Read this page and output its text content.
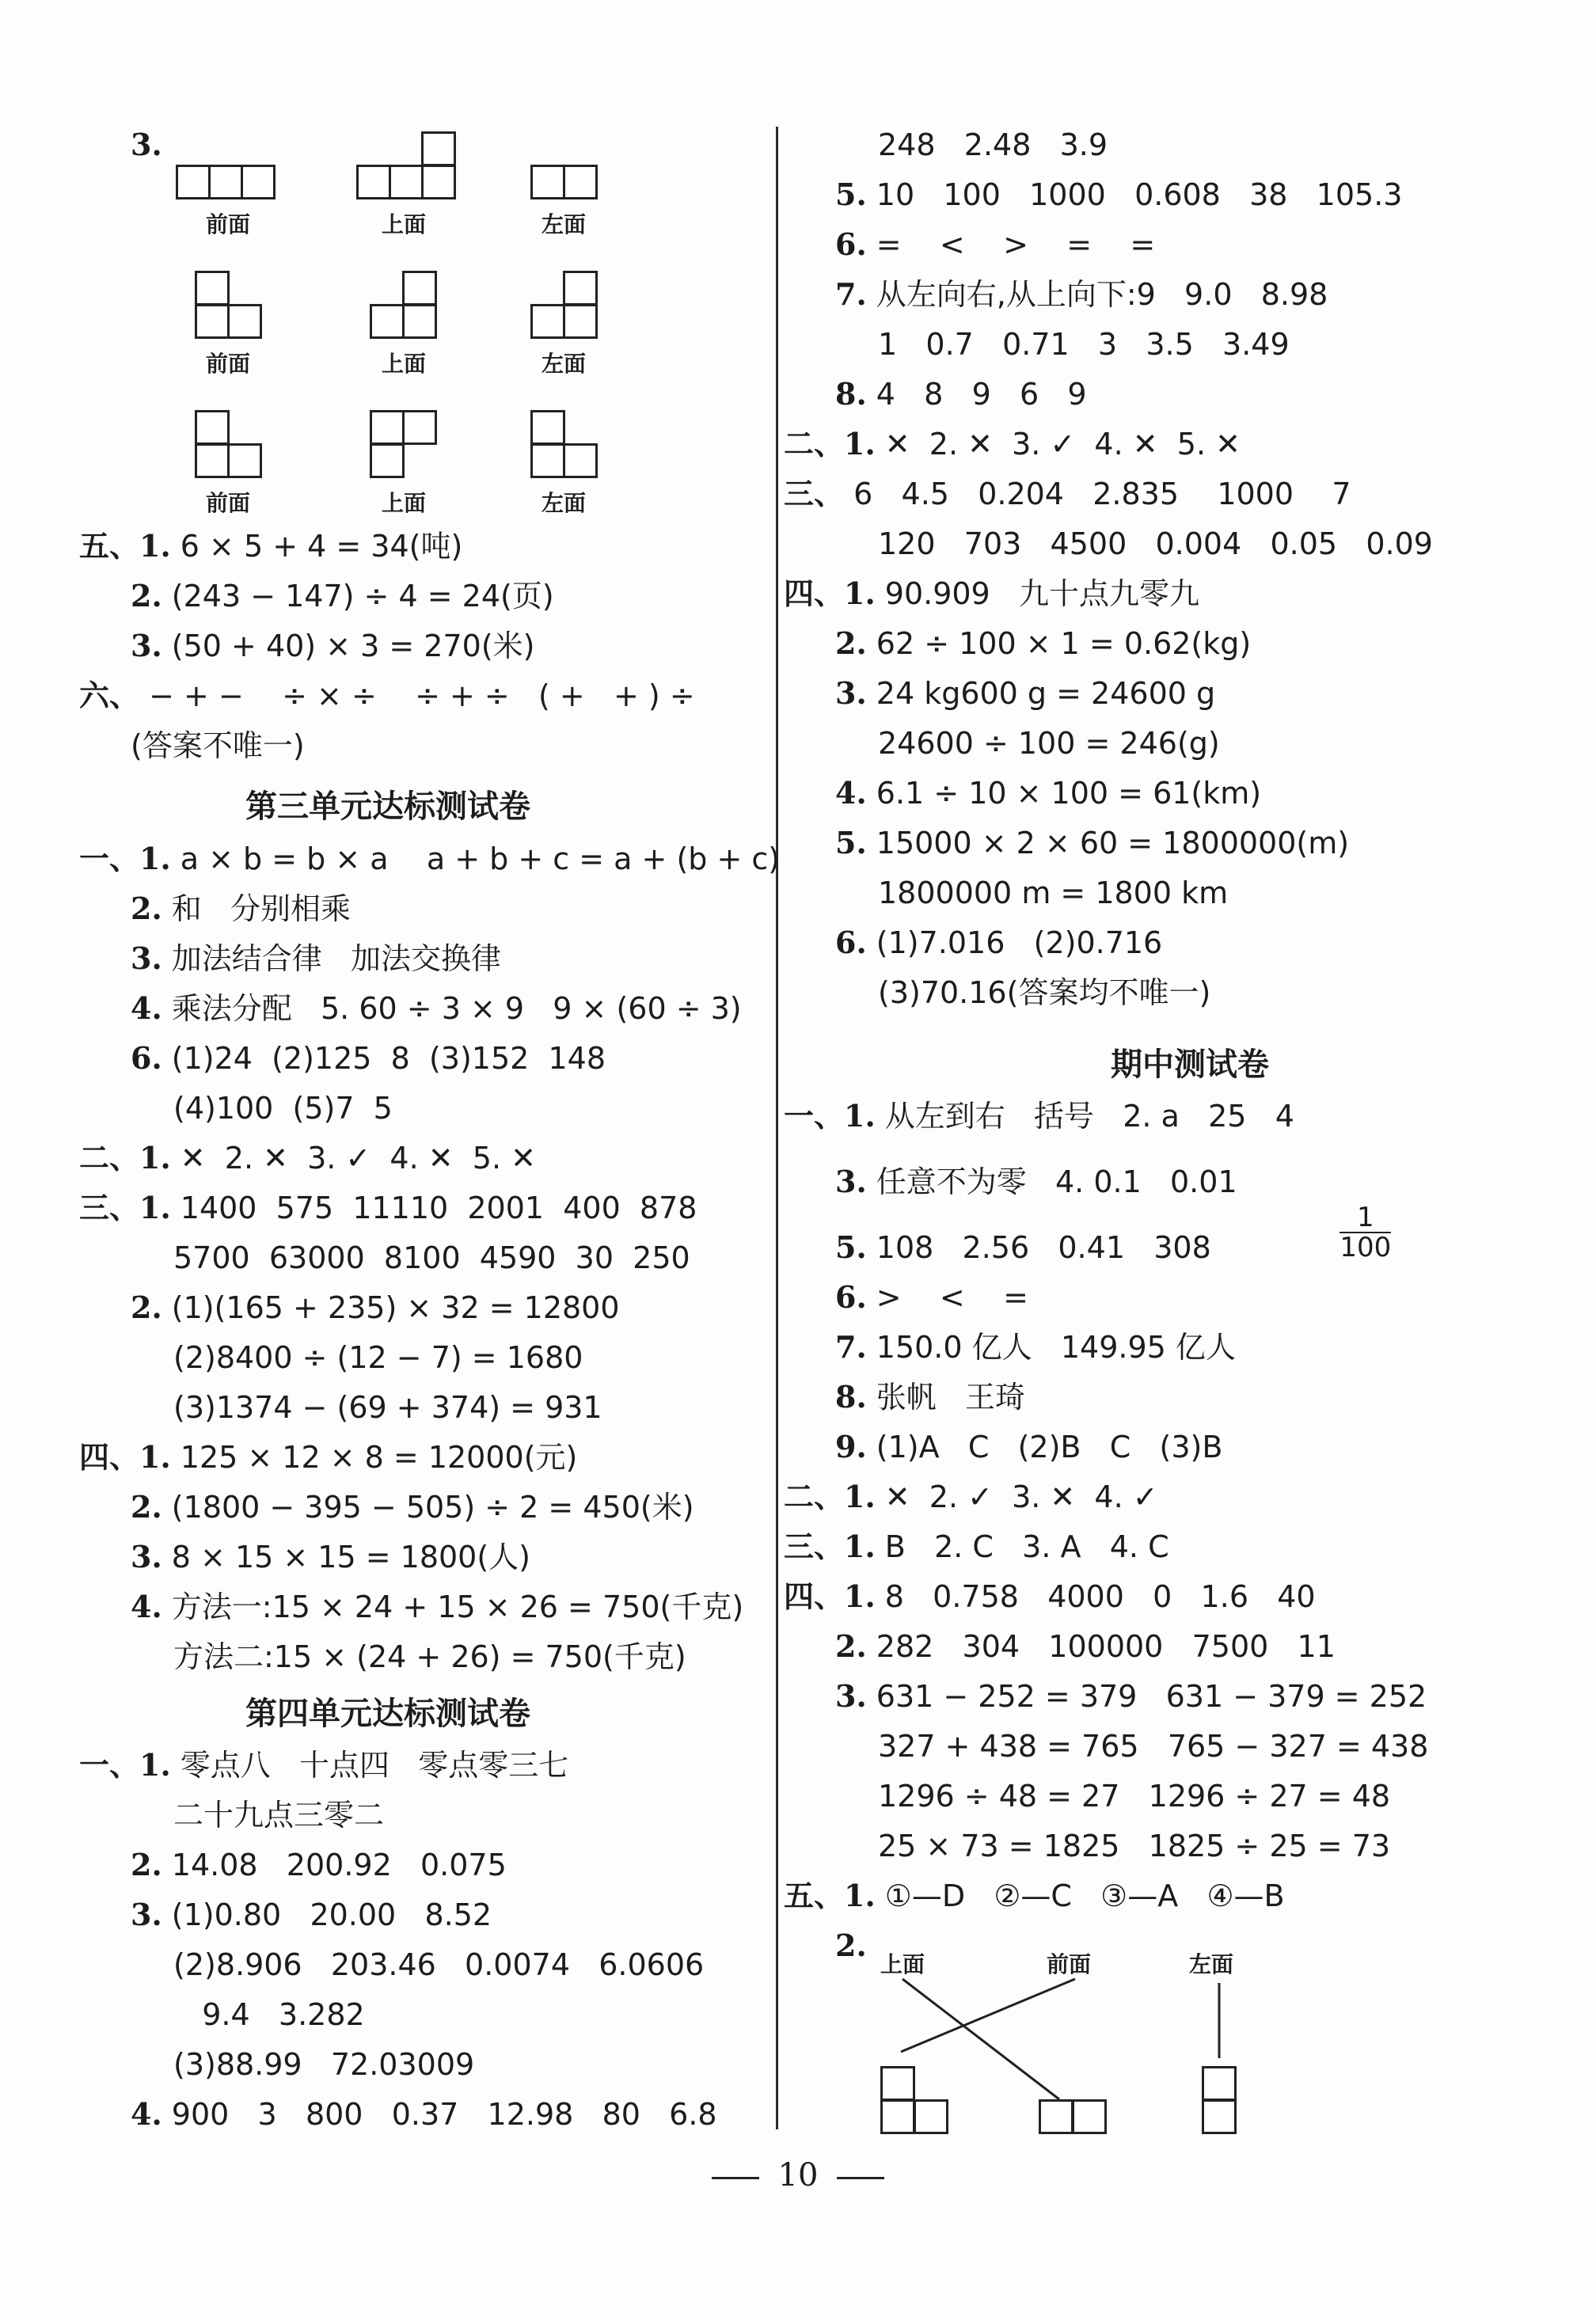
3.
前面	上面	左面
前面	上面	左面
前面	上面	左面
五、1. 6 × 5 + 4 = 34(吨)
2. (243 − 147) ÷ 4 = 24(页)
3. (50 + 40) × 3 = 270(米)
六、 − + −    ÷ × ÷    ÷ + ÷   ( +   + ) ÷
(答案不唯一)
第三单元达标测试卷
一、1. a × b = b × a    a + b + c = a + (b + c)
2. 和   分别相乘
3. 加法结合律   加法交换律
4. 乘法分配   5. 60 ÷ 3 × 9   9 × (60 ÷ 3)
6. (1)24  (2)125  8  (3)152  148
(4)100  (5)7  5
二、1. ✕  2. ✕  3. ✓  4. ✕  5. ✕
三、1. 1400  575  11110  2001  400  878
5700  63000  8100  4590  30  250
2. (1)(165 + 235) × 32 = 12800
(2)8400 ÷ (12 − 7) = 1680
(3)1374 − (69 + 374) = 931
四、1. 125 × 12 × 8 = 12000(元)
2. (1800 − 395 − 505) ÷ 2 = 450(米)
3. 8 × 15 × 15 = 1800(人)
4. 方法一:15 × 24 + 15 × 26 = 750(千克)
方法二:15 × (24 + 26) = 750(千克)
第四单元达标测试卷
一、1. 零点八   十点四   零点零三七
二十九点三零二
2. 14.08   200.92   0.075
3. (1)0.80   20.00   8.52
(2)8.906   203.46   0.0074   6.0606
9.4   3.282
(3)88.99   72.03009
4. 900   3   800   0.37   12.98   80   6.8
248   2.48   3.9
5. 10   100   1000   0.608   38   105.3
6. =    <    >    =    =
7. 从左向右,从上向下:9   9.0   8.98
1   0.7   0.71   3   3.5   3.49
8. 4   8   9   6   9
二、1. ✕  2. ✕  3. ✓  4. ✕  5. ✕
三、 6   4.5   0.204   2.835    1000    7
120   703   4500   0.004   0.05   0.09
四、1. 90.909   九十点九零九
2. 62 ÷ 100 × 1 = 0.62(kg)
3. 24 kg600 g = 24600 g
24600 ÷ 100 = 246(g)
4. 6.1 ÷ 10 × 100 = 61(km)
5. 15000 × 2 × 60 = 1800000(m)
1800000 m = 1800 km
6. (1)7.016   (2)0.716
(3)70.16(答案均不唯一)
期中测试卷
一、1. 从左到右   括号   2. a   25   4
3. 任意不为零   4. 0.1   0.01
5. 108   2.56   0.41   308
6. >    <    =
7. 150.0 亿人   149.95 亿人
8. 张帆   王琦
9. (1)A   C   (2)B   C   (3)B
二、1. ✕  2. ✓  3. ✕  4. ✓
三、1. B   2. C   3. A   4. C
四、1. 8   0.758   4000   0   1.6   40
2. 282   304   100000   7500   11
3. 631 − 252 = 379   631 − 379 = 252
327 + 438 = 765   765 − 327 = 438
1296 ÷ 48 = 27   1296 ÷ 27 = 48
25 × 73 = 1825   1825 ÷ 25 = 73
五、1. ①—D   ②—C   ③—A   ④—B
2.

$\frac{1}{100}$

上面	前面	左面
10
